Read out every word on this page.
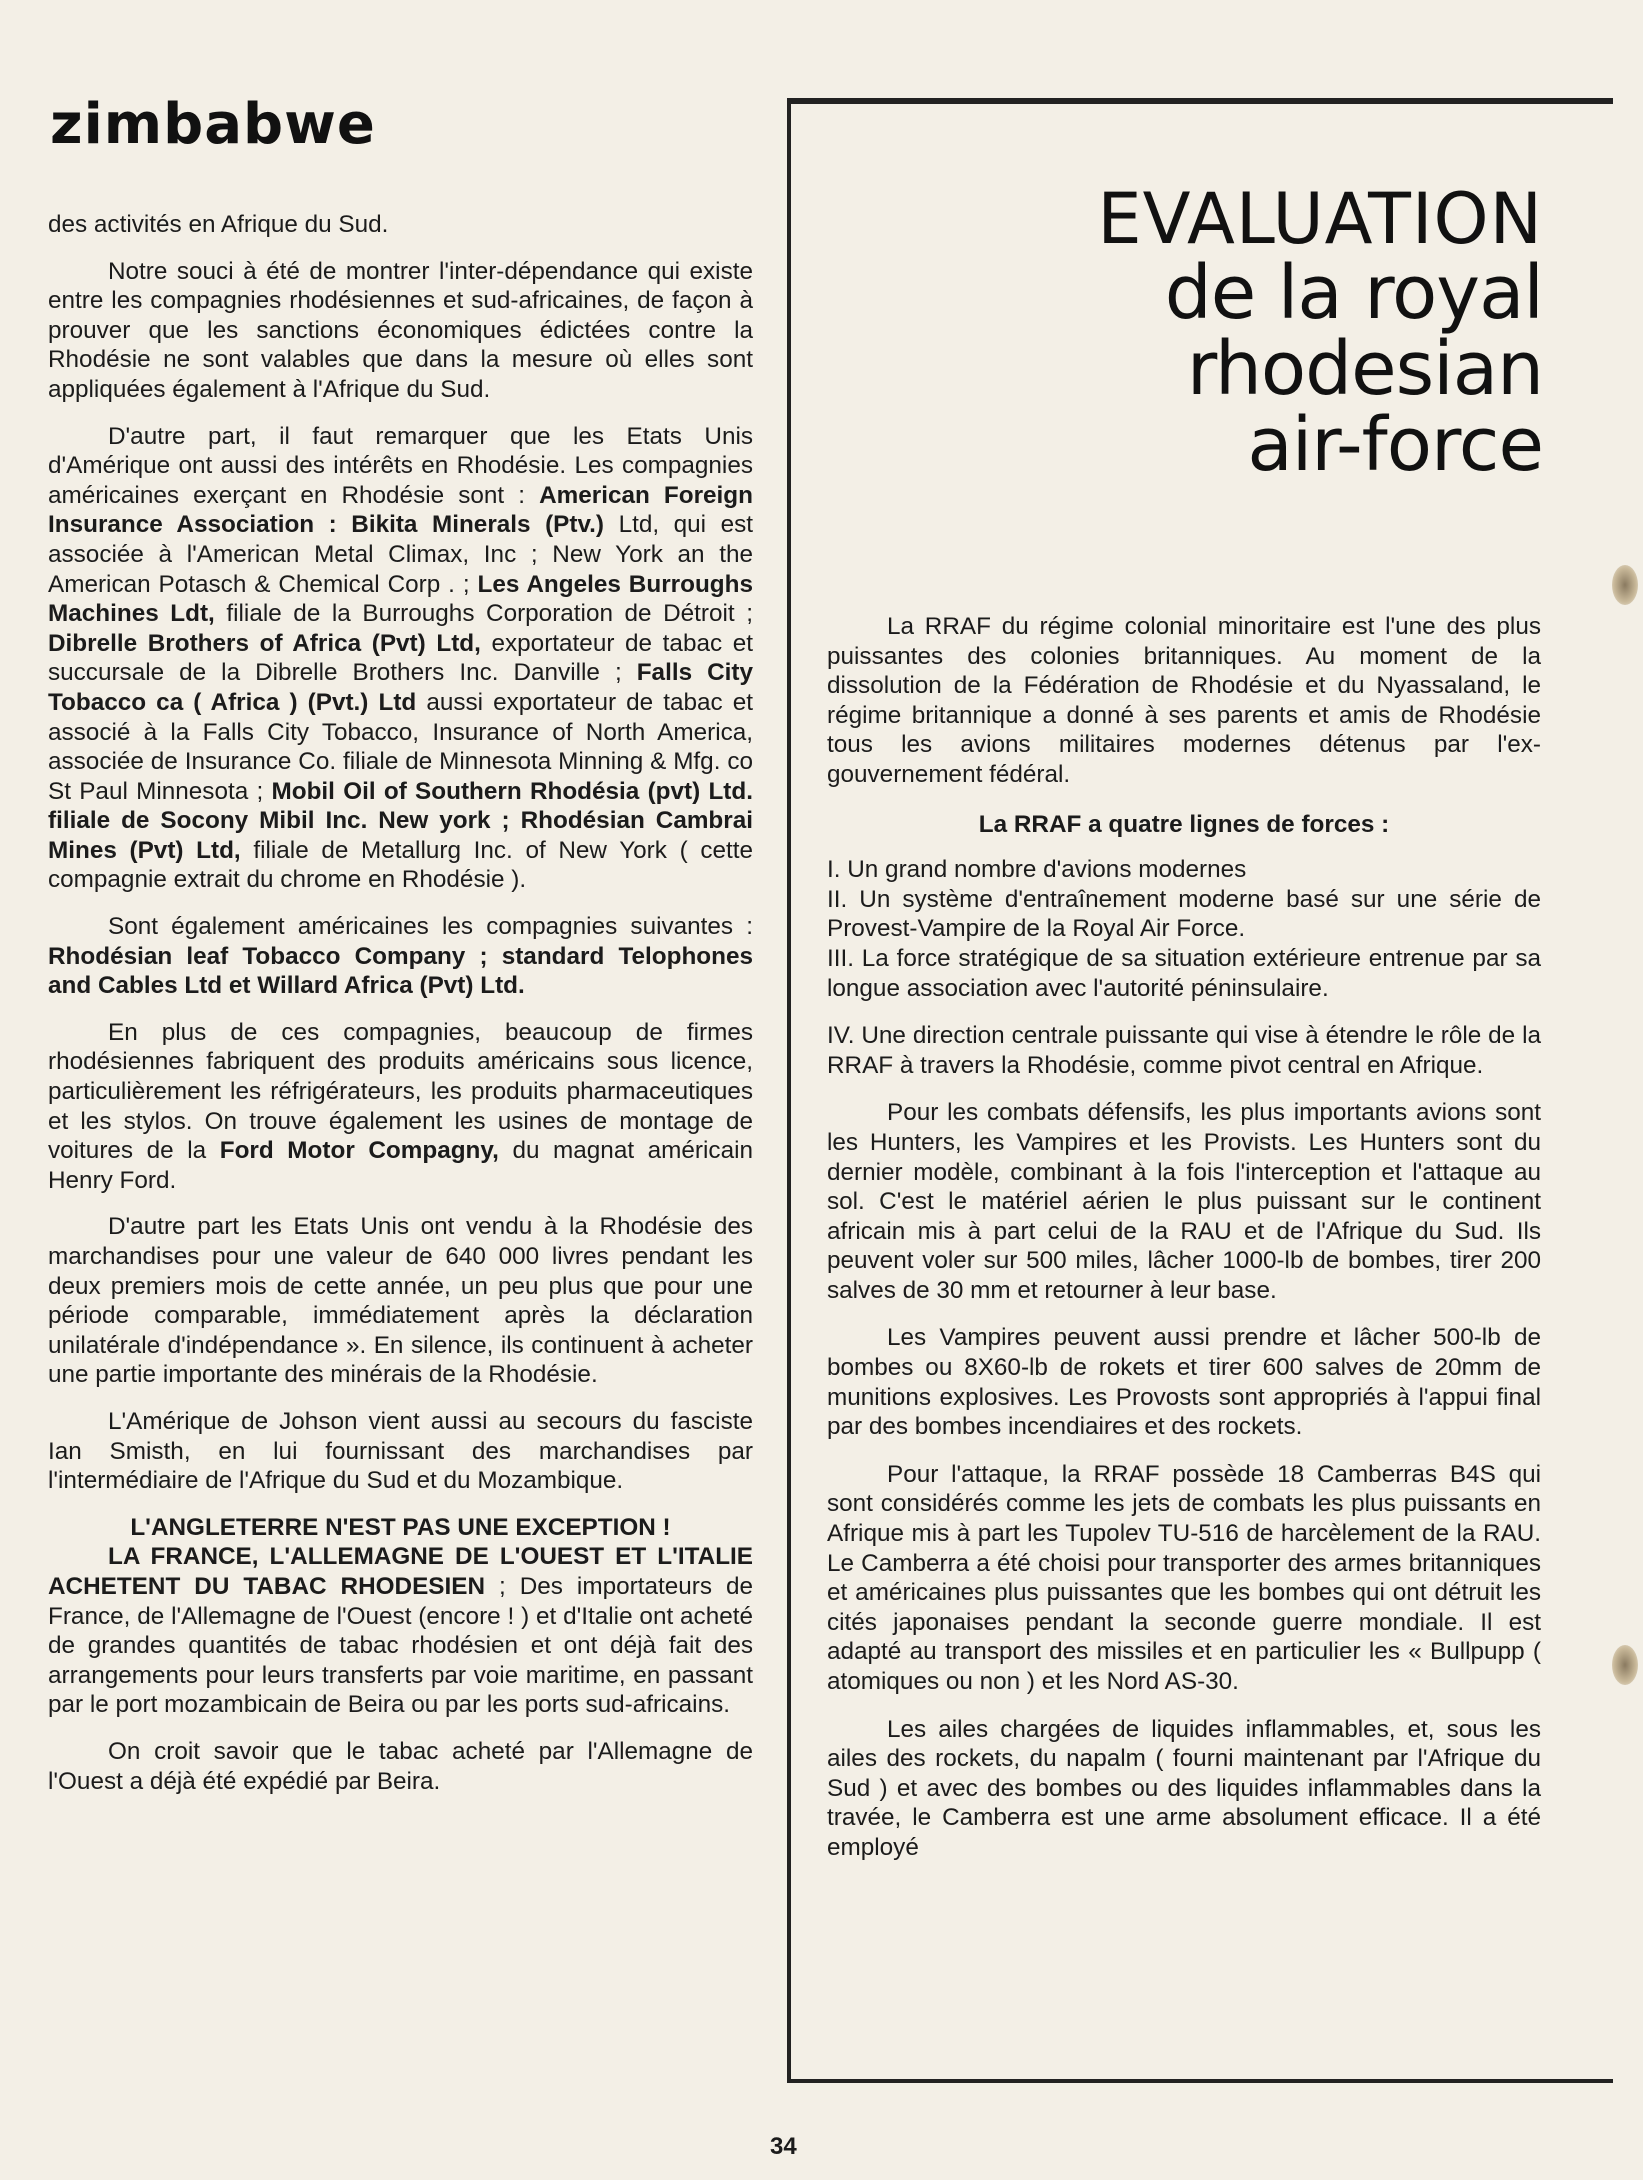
zimbabwe

des activités en Afrique du Sud.

Notre souci à été de montrer l'inter-dépendance qui existe entre les compagnies rhodésiennes et sud-africaines, de façon à prouver que les sanctions économiques édictées contre la Rhodésie ne sont valables que dans la mesure où elles sont appliquées également à l'Afrique du Sud.

D'autre part, il faut remarquer que les Etats Unis d'Amérique ont aussi des intérêts en Rhodésie. Les compagnies américaines exerçant en Rhodésie sont : American Foreign Insurance Association : Bikita Minerals (Ptv.) Ltd, qui est associée à l'American Metal Climax, Inc ; New York an the American Potasch & Chemical Corp . ; Les Angeles Burroughs Machines Ldt, filiale de la Burroughs Corporation de Détroit ; Dibrelle Brothers of Africa (Pvt) Ltd, exportateur de tabac et succursale de la Dibrelle Brothers Inc. Danville ; Falls City Tobacco ca ( Africa ) (Pvt.) Ltd aussi exportateur de tabac et associé à la Falls City Tobacco, Insurance of North America, associée de Insurance Co. filiale de Minnesota Minning & Mfg. co St Paul Minnesota ; Mobil Oil of Southern Rhodésia (pvt) Ltd. filiale de Socony Mibil Inc. New york ; Rhodésian Cambrai Mines (Pvt) Ltd, filiale de Metallurg Inc. of New York ( cette compagnie extrait du chrome en Rhodésie ).

Sont également américaines les compagnies suivantes : Rhodésian leaf Tobacco Company ; standard Telophones and Cables Ltd et Willard Africa (Pvt) Ltd.

En plus de ces compagnies, beaucoup de firmes rhodésiennes fabriquent des produits américains sous licence, particulièrement les réfrigérateurs, les produits pharmaceutiques et les stylos. On trouve également les usines de montage de voitures de la Ford Motor Compagny, du magnat américain Henry Ford.

D'autre part les Etats Unis ont vendu à la Rhodésie des marchandises pour une valeur de 640 000 livres pendant les deux premiers mois de cette année, un peu plus que pour une période comparable, immédiatement après la déclaration unilatérale d'indépendance ». En silence, ils continuent à acheter une partie importante des minérais de la Rhodésie.

L'Amérique de Johson vient aussi au secours du fasciste Ian Smisth, en lui fournissant des marchandises par l'intermédiaire de l'Afrique du Sud et du Mozambique.

L'ANGLETERRE N'EST PAS UNE EXCEPTION !

LA FRANCE, L'ALLEMAGNE DE L'OUEST ET L'ITALIE ACHETENT DU TABAC RHODESIEN ; Des importateurs de France, de l'Allemagne de l'Ouest (encore ! ) et d'Italie ont acheté de grandes quantités de tabac rhodésien et ont déjà fait des arrangements pour leurs transferts par voie maritime, en passant par le port mozambicain de Beira ou par les ports sud-africains.

On croit savoir que le tabac acheté par l'Allemagne de l'Ouest a déjà été expédié par Beira.

EVALUATION
de la royal
rhodesian
air-force

La RRAF du régime colonial minoritaire est l'une des plus puissantes des colonies britanniques. Au moment de la dissolution de la Fédération de Rhodésie et du Nyassaland, le régime britannique a donné à ses parents et amis de Rhodésie tous les avions militaires modernes détenus par l'ex-gouvernement fédéral.

La RRAF a quatre lignes de forces :

I. Un grand nombre d'avions modernes

II. Un système d'entraînement moderne basé sur une série de Provest-Vampire de la Royal Air Force.

III. La force stratégique de sa situation extérieure entrenue par sa longue association avec l'autorité péninsulaire.

IV. Une direction centrale puissante qui vise à étendre le rôle de la RRAF à travers la Rhodésie, comme pivot central en Afrique.

Pour les combats défensifs, les plus importants avions sont les Hunters, les Vampires et les Provists. Les Hunters sont du dernier modèle, combinant à la fois l'interception et l'attaque au sol. C'est le matériel aérien le plus puissant sur le continent africain mis à part celui de la RAU et de l'Afrique du Sud. Ils peuvent voler sur 500 miles, lâcher 1000-lb de bombes, tirer 200 salves de 30 mm et retourner à leur base.

Les Vampires peuvent aussi prendre et lâcher 500-lb de bombes ou 8X60-lb de rokets et tirer 600 salves de 20mm de munitions explosives. Les Provosts sont appropriés à l'appui final par des bombes incendiaires et des rockets.

Pour l'attaque, la RRAF possède 18 Camberras B4S qui sont considérés comme les jets de combats les plus puissants en Afrique mis à part les Tupolev TU-516 de harcèlement de la RAU. Le Camberra a été choisi pour transporter des armes britanniques et américaines plus puissantes que les bombes qui ont détruit les cités japonaises pendant la seconde guerre mondiale. Il est adapté au transport des missiles et en particulier les « Bullpupp ( atomiques ou non ) et les Nord AS-30.

Les ailes chargées de liquides inflammables, et, sous les ailes des rockets, du napalm ( fourni maintenant par l'Afrique du Sud ) et avec des bombes ou des liquides inflammables dans la travée, le Camberra est une arme absolument efficace. Il a été employé

34
